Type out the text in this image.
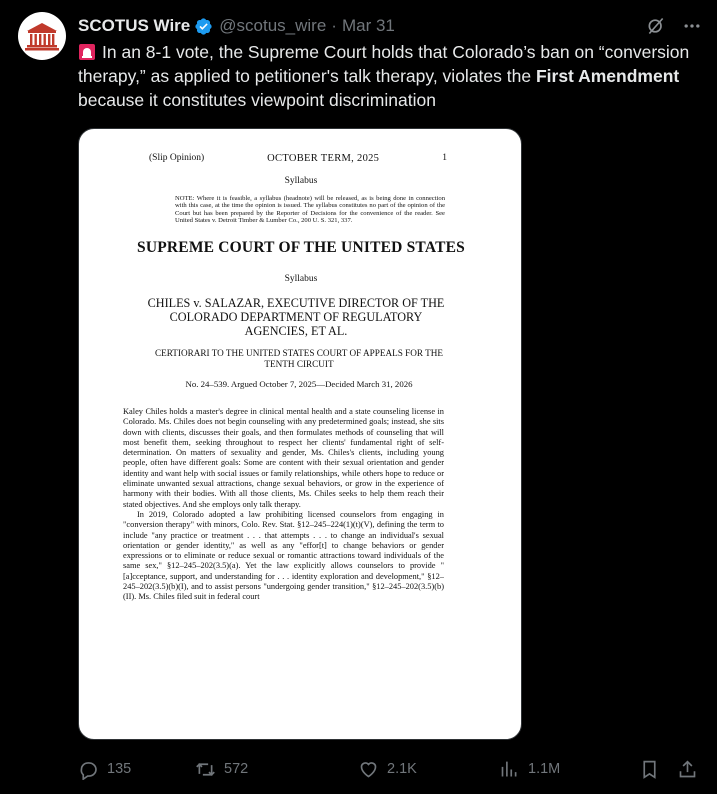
SCOTUS Wire @scotus_wire · Mar 31
In an 8-1 vote, the Supreme Court holds that Colorado’s ban on “conversion therapy,” as applied to petitioner's talk therapy, violates the First Amendment because it constitutes viewpoint discrimination
(Slip Opinion)	OCTOBER TERM, 2025	1
Syllabus
NOTE: Where it is feasible, a syllabus (headnote) will be released, as is being done in connection with this case, at the time the opinion is issued. The syllabus constitutes no part of the opinion of the Court but has been prepared by the Reporter of Decisions for the convenience of the reader. See United States v. Detroit Timber & Lumber Co., 200 U. S. 321, 337.
SUPREME COURT OF THE UNITED STATES
Syllabus
CHILES v. SALAZAR, EXECUTIVE DIRECTOR OF THE COLORADO DEPARTMENT OF REGULATORY AGENCIES, ET AL.
CERTIORARI TO THE UNITED STATES COURT OF APPEALS FOR THE TENTH CIRCUIT
No. 24–539. Argued October 7, 2025—Decided March 31, 2026

Kaley Chiles holds a master's degree in clinical mental health and a state counseling license in Colorado. Ms. Chiles does not begin counseling with any predetermined goals; instead, she sits down with clients, discusses their goals, and then formulates methods of counseling that will most benefit them, seeking throughout to respect her clients' fundamental right of self-determination. On matters of sexuality and gender, Ms. Chiles's clients, including young people, often have different goals: Some are content with their sexual orientation and gender identity and want help with social issues or family relationships, while others hope to reduce or eliminate unwanted sexual attractions, change sexual behaviors, or grow in the experience of harmony with their bodies. With all those clients, Ms. Chiles seeks to help them reach their stated objectives. And she employs only talk therapy.

In 2019, Colorado adopted a law prohibiting licensed counselors from engaging in "conversion therapy" with minors, Colo. Rev. Stat. §12–245–224(1)(t)(V), defining the term to include "any practice or treatment . . . that attempts . . . to change an individual's sexual orientation or gender identity," as well as any "effor[t] to change behaviors or gender expressions or to eliminate or reduce sexual or romantic attractions toward individuals of the same sex," §12–245–202(3.5)(a). Yet the law explicitly allows counselors to provide "[a]cceptance, support, and understanding for . . . identity exploration and development," §12–245–202(3.5)(b)(I), and to assist persons "undergoing gender transition," §12–245–202(3.5)(b)(II). Ms. Chiles filed suit in federal court

135	572	2.1K	1.1M
